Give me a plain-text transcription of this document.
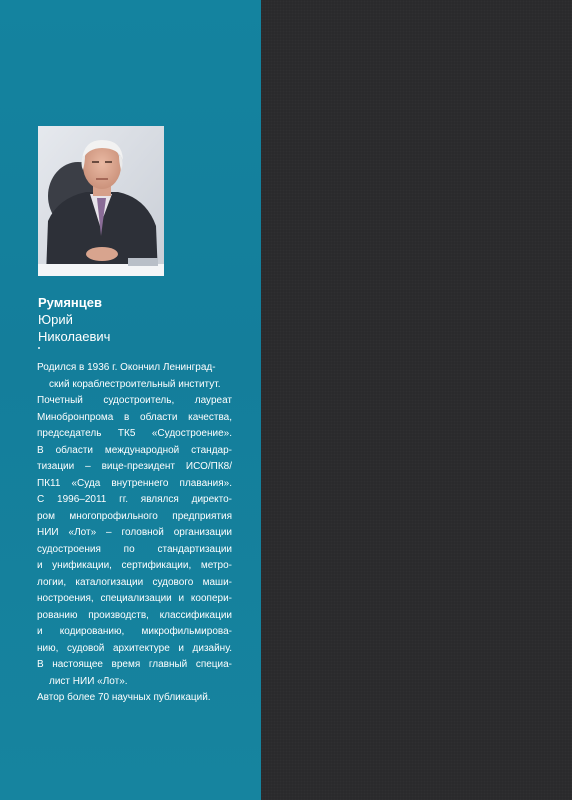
Румянцев
Юрий
Николаевич
Родился в 1936 г. Окончил Ленинград-
ский кораблестроительный институт.
Почетный судостроитель, лауреат
Минобронпрома в области качества,
председатель ТК5 «Судостроение».
В области международной стандар-
тизации – вице-президент ИСО/ПК8/
ПК11 «Суда внутреннего плавания».
С 1996–2011 гг. являлся директо-
ром многопрофильного предприятия
НИИ «Лот» – головной организации
судостроения по стандартизации
и унификации, сертификации, метро-
логии, каталогизации судового маши-
ностроения, специализации и коопери-
рованию производств, классификации
и кодированию, микрофильмирова-
нию, судовой архитектуре и дизайну.
В настоящее время главный специа-
лист НИИ «Лот».
Автор более 70 научных публикаций.
